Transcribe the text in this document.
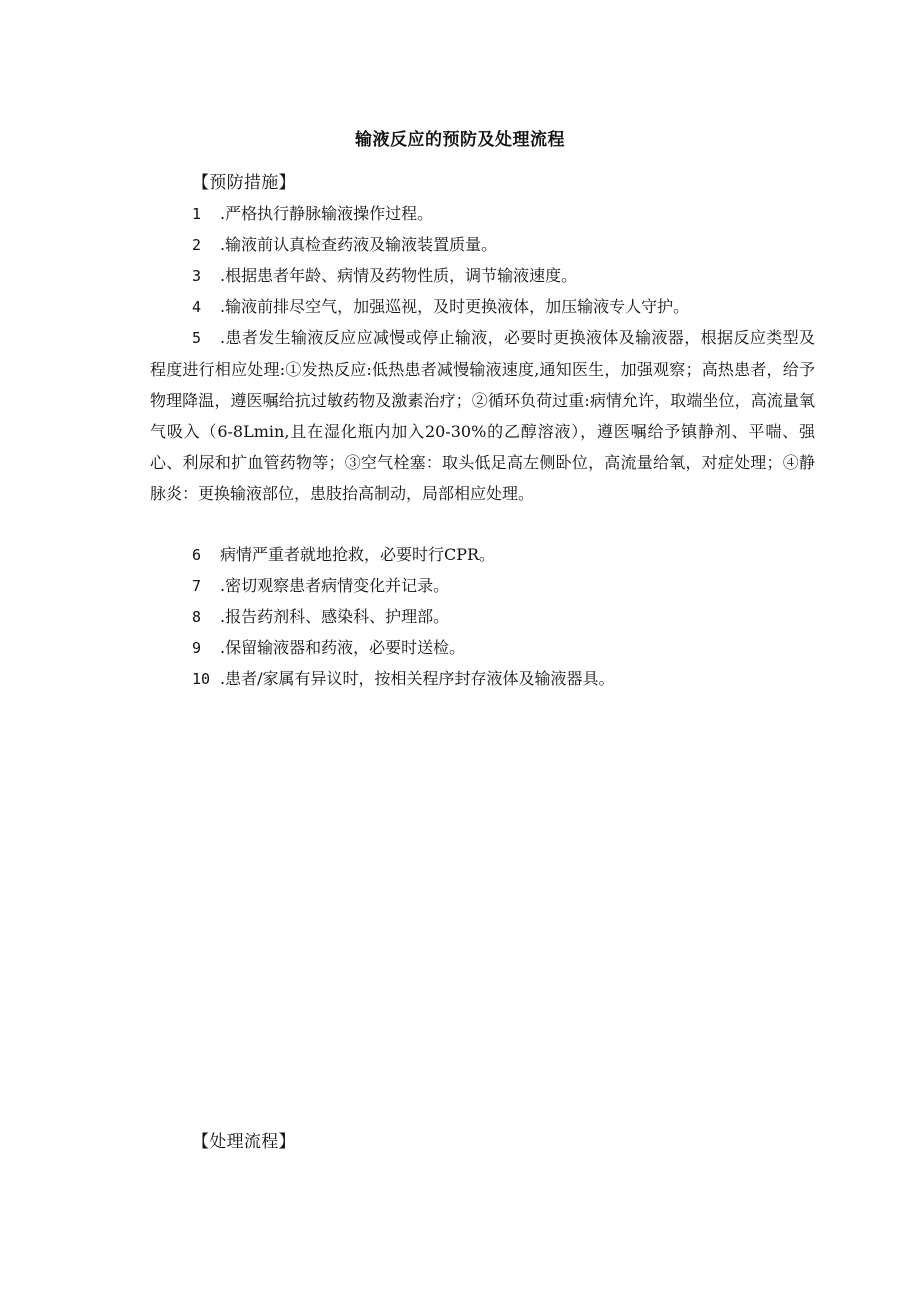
输液反应的预防及处理流程
【预防措施】
1 .严格执行静脉输液操作过程。
2 .输液前认真检查药液及输液装置质量。
3 .根据患者年龄、病情及药物性质，调节输液速度。
4 .输液前排尽空气，加强巡视，及时更换液体，加压输液专人守护。
5 .患者发生输液反应应减慢或停止输液，必要时更换液体及输液器，根据反应类型及程度进行相应处理:①发热反应:低热患者减慢输液速度,通知医生，加强观察；高热患者，给予物理降温，遵医嘱给抗过敏药物及激素治疗；②循环负荷过重:病情允许，取端坐位，高流量氧气吸入（6-8Lmin,且在湿化瓶内加入20-30%的乙醇溶液），遵医嘱给予镇静剂、平喘、强心、利尿和扩血管药物等；③空气栓塞：取头低足高左侧卧位，高流量给氧，对症处理；④静脉炎：更换输液部位，患肢抬高制动，局部相应处理。
6 病情严重者就地抢救，必要时行CPR。
7 .密切观察患者病情变化并记录。
8 .报告药剂科、感染科、护理部。
9 .保留输液器和药液，必要时送检。
10 .患者/家属有异议时，按相关程序封存液体及输液器具。
【处理流程】
